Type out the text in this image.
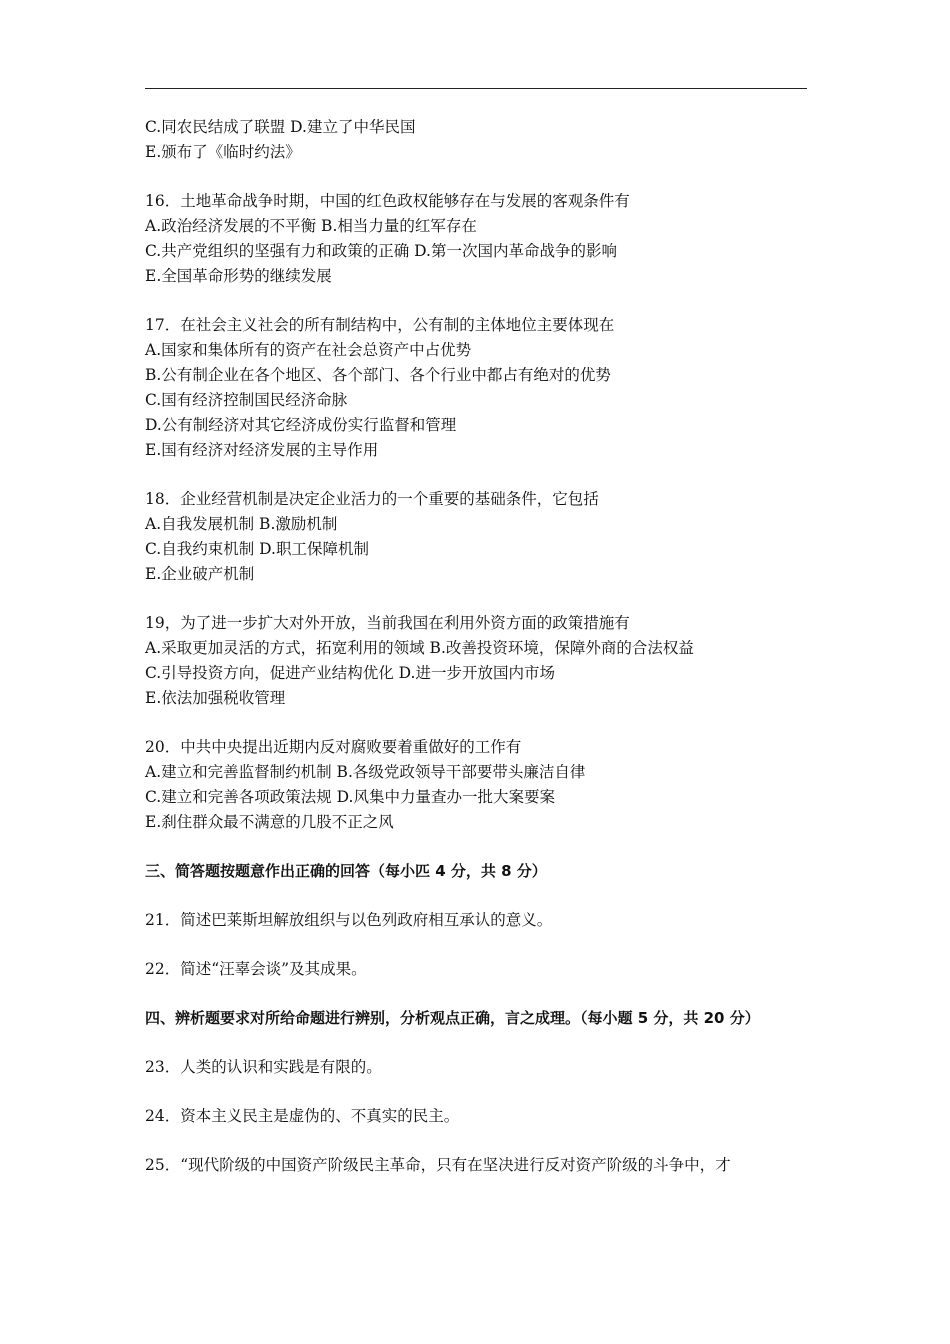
C.同农民结成了联盟 D.建立了中华民国
E.颁布了《临时约法》
16．土地革命战争时期，中国的红色政权能够存在与发展的客观条件有
A.政治经济发展的不平衡 B.相当力量的红军存在
C.共产党组织的坚强有力和政策的正确 D.第一次国内革命战争的影响
E.全国革命形势的继续发展
17．在社会主义社会的所有制结构中，公有制的主体地位主要体现在
A.国家和集体所有的资产在社会总资产中占优势
B.公有制企业在各个地区、各个部门、各个行业中都占有绝对的优势
C.国有经济控制国民经济命脉
D.公有制经济对其它经济成份实行监督和管理
E.国有经济对经济发展的主导作用
18．企业经营机制是决定企业活力的一个重要的基础条件，它包括
A.自我发展机制 B.激励机制
C.自我约束机制 D.职工保障机制
E.企业破产机制
19，为了进一步扩大对外开放，当前我国在利用外资方面的政策措施有
A.采取更加灵活的方式，拓宽利用的领域 B.改善投资环境，保障外商的合法权益
C.引导投资方向，促进产业结构优化 D.进一步开放国内市场
E.依法加强税收管理
20．中共中央提出近期内反对腐败要着重做好的工作有
A.建立和完善监督制约机制 B.各级党政领导干部要带头廉洁自律
C.建立和完善各项政策法规 D.风集中力量查办一批大案要案
E.刹住群众最不满意的几股不正之风
三、简答题按题意作出正确的回答（每小匹 4 分，共 8 分）
21．简述巴莱斯坦解放组织与以色列政府相互承认的意义。
22．简述“汪辜会谈”及其成果。
四、辨析题要求对所给命题进行辨别，分析观点正确，言之成理。（每小题 5 分，共 20 分）
23．人类的认识和实践是有限的。
24．资本主义民主是虚伪的、不真实的民主。
25．“现代阶级的中国资产阶级民主革命，只有在坚决进行反对资产阶级的斗争中，才
